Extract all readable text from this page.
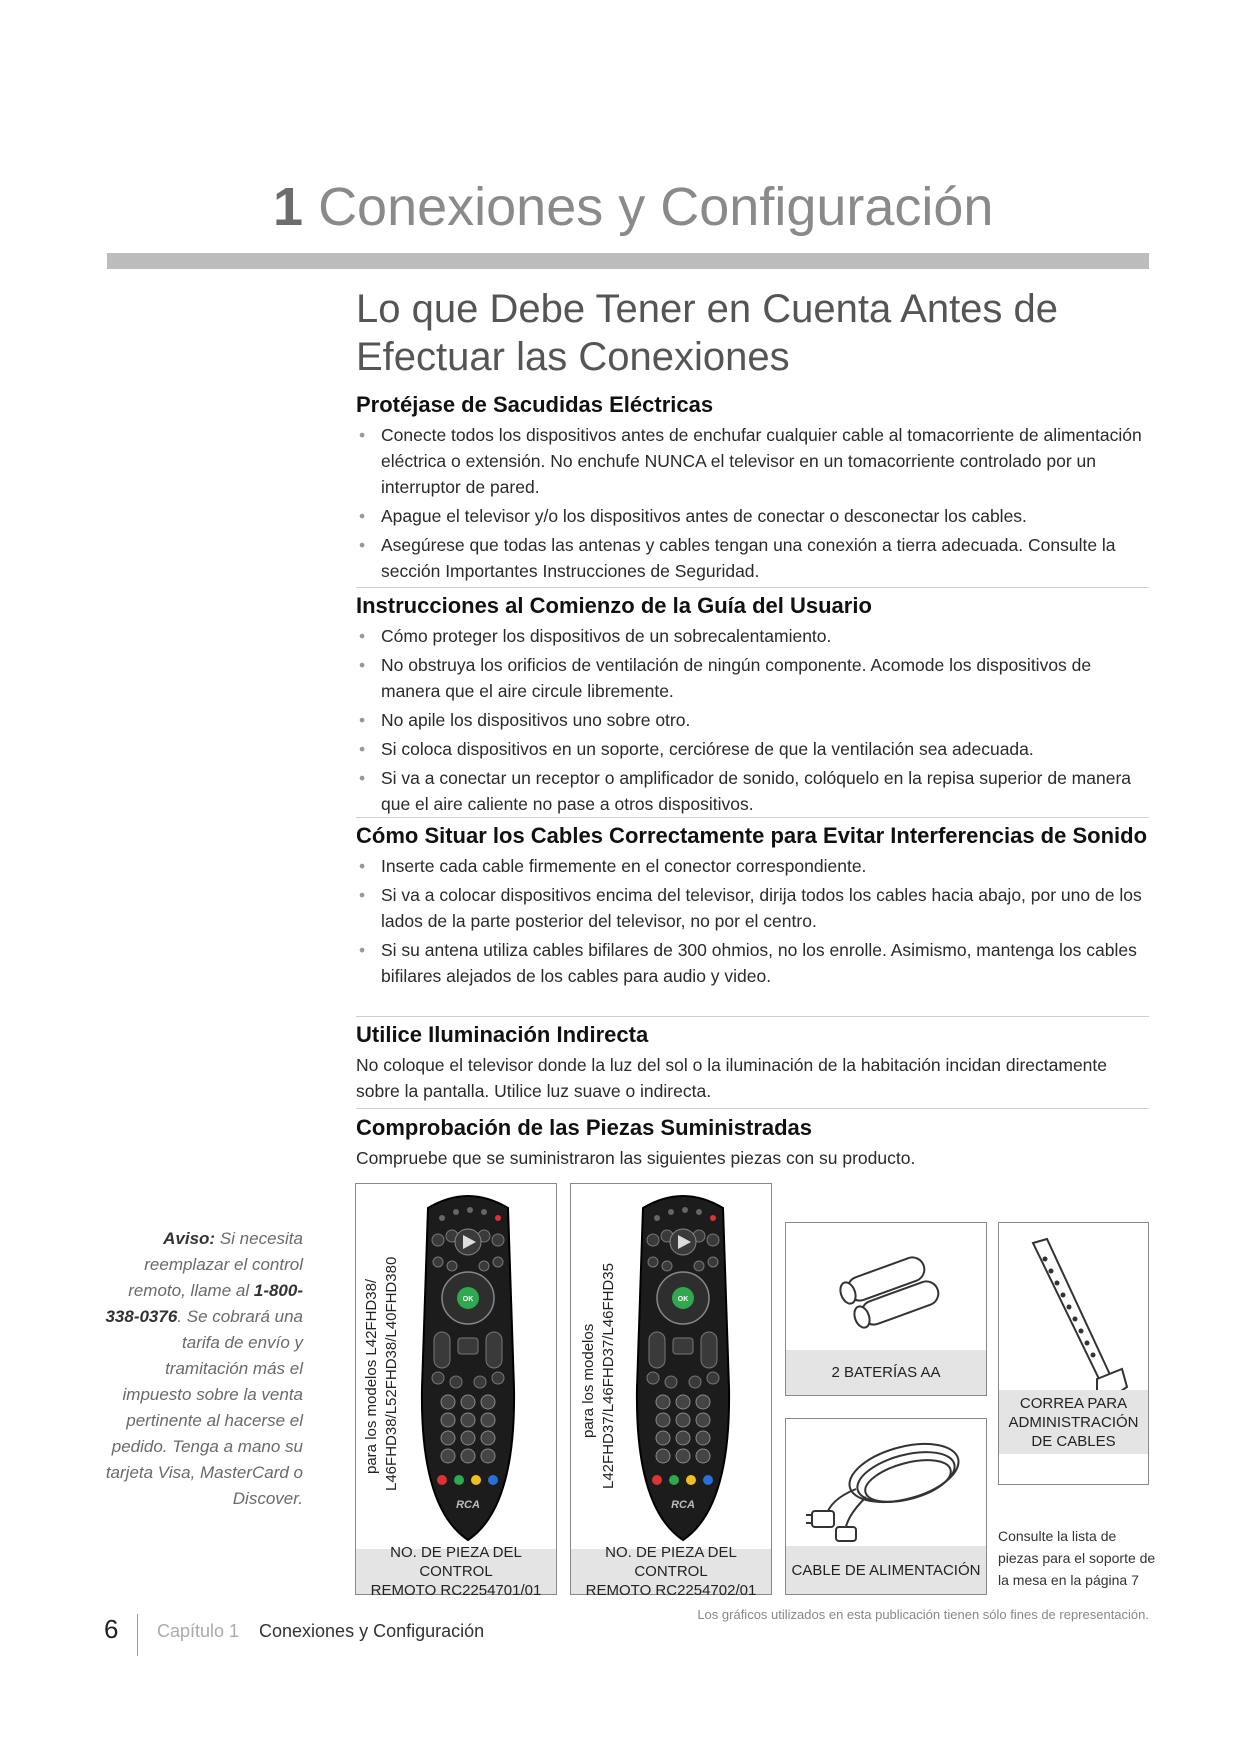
1 Conexiones y Configuración
Lo que Debe Tener en Cuenta Antes de Efectuar las Conexiones
Protéjase de Sacudidas Eléctricas
• Conecte todos los dispositivos antes de enchufar cualquier cable al tomacorriente de alimentación eléctrica o extensión. No enchufe NUNCA el televisor en un tomacorriente controlado por un interruptor de pared.
• Apague el televisor y/o los dispositivos antes de conectar o desconectar los cables.
• Asegúrese que todas las antenas y cables tengan una conexión a tierra adecuada. Consulte la sección Importantes Instrucciones de Seguridad.
Instrucciones al Comienzo de la Guía del Usuario
• Cómo proteger los dispositivos de un sobrecalentamiento.
• No obstruya los orificios de ventilación de ningún componente. Acomode los dispositivos de manera que el aire circule libremente.
• No apile los dispositivos uno sobre otro.
• Si coloca dispositivos en un soporte, cerciórese de que la ventilación sea adecuada.
• Si va a conectar un receptor o amplificador de sonido, colóquelo en la repisa superior de manera que el aire caliente no pase a otros dispositivos.
Cómo Situar los Cables Correctamente para Evitar Interferencias de Sonido
• Inserte cada cable firmemente en el conector correspondiente.
• Si va a colocar dispositivos encima del televisor, dirija todos los cables hacia abajo, por uno de los lados de la parte posterior del televisor, no por el centro.
• Si su antena utiliza cables bifilares de 300 ohmios, no los enrolle. Asimismo, mantenga los cables bifilares alejados de los cables para audio y video.
Utilice Iluminación Indirecta

No coloque el televisor donde la luz del sol o la iluminación de la habitación incidan directamente sobre la pantalla. Utilice luz suave o indirecta.

Comprobación de las Piezas Suministradas

Compruebe que se suministraron las siguientes piezas con su producto.

Aviso: Si necesita reemplazar el control remoto, llame al 1-800-338-0376. Se cobrará una tarifa de envío y tramitación más el impuesto sobre la venta pertinente al hacerse el pedido. Tenga a mano su tarjeta Visa, MasterCard o Discover.
para los modelos L42FHD38/ L46FHD38/L52FHD38/L40FHD380	OK
RCA
NO. DE PIEZA DEL CONTROL
REMOTO RC2254701/01
para los modelos L42FHD37/L46FHD37/L46FHD35	OK
RCA
NO. DE PIEZA DEL CONTROL
REMOTO RC2254702/01
2 BATERÍAS AA
CORREA PARA
ADMINISTRACIÓN
DE CABLES
CABLE DE ALIMENTACIÓN
Consulte la lista de piezas para el soporte de la mesa en la página 7
Los gráficos utilizados en esta publicación tienen sólo fines de representación.
6 Capítulo 1 Conexiones y Configuración
